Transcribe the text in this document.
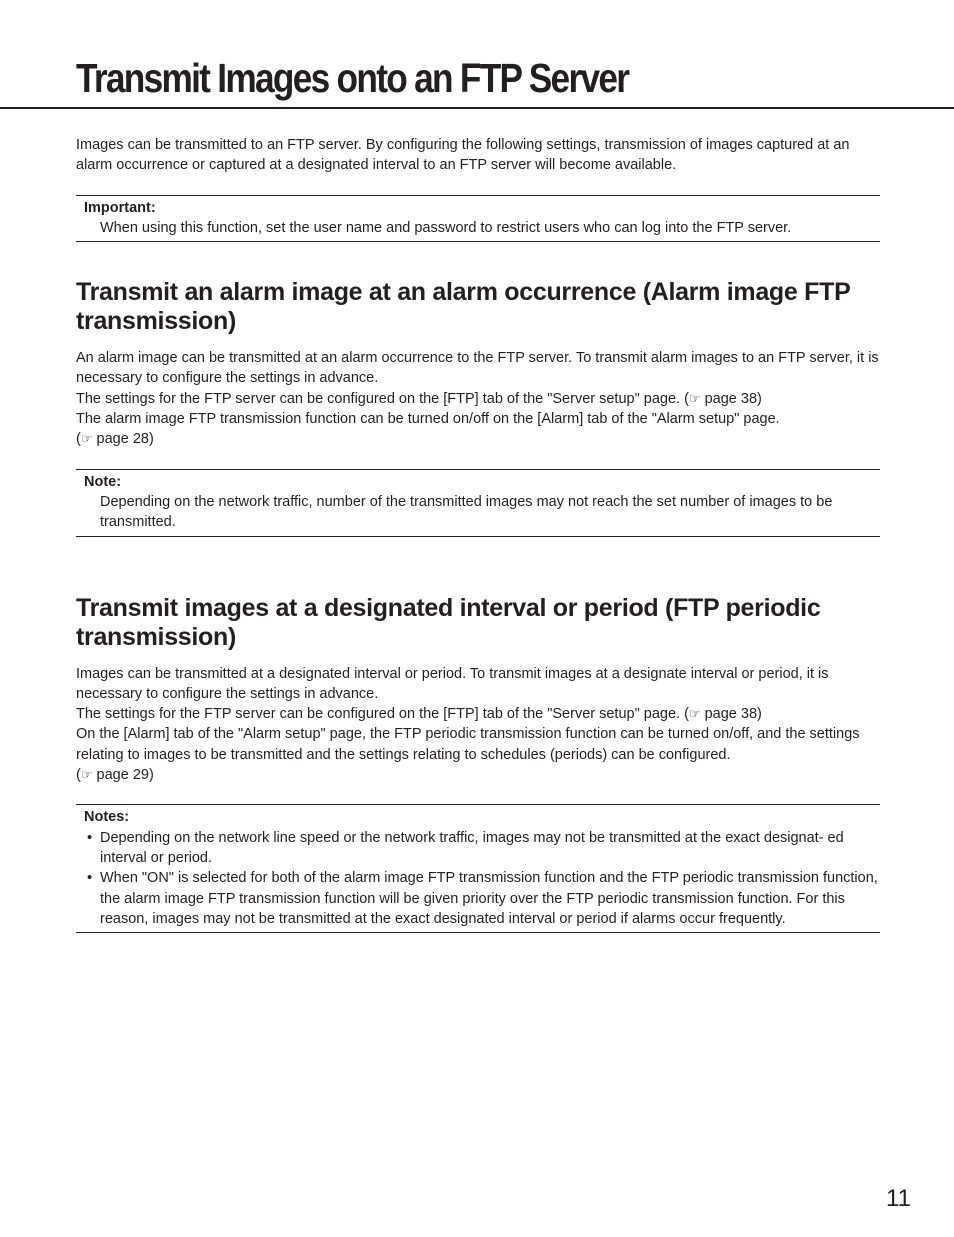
Transmit Images onto an FTP Server

Images can be transmitted to an FTP server. By configuring the following settings, transmission of images captured at an alarm occurrence or captured at a designated interval to an FTP server will become available.

Important:
When using this function, set the user name and password to restrict users who can log into the FTP server.
Transmit an alarm image at an alarm occurrence (Alarm image FTP transmission)

An alarm image can be transmitted at an alarm occurrence to the FTP server. To transmit alarm images to an FTP server, it is necessary to configure the settings in advance.

The settings for the FTP server can be configured on the [FTP] tab of the "Server setup" page. (☞ page 38)

The alarm image FTP transmission function can be turned on/off on the [Alarm] tab of the "Alarm setup" page.

(☞ page 28)

Note:
Depending on the network traffic, number of the transmitted images may not reach the set number of images to be transmitted.
Transmit images at a designated interval or period (FTP periodic transmission)

Images can be transmitted at a designated interval or period. To transmit images at a designate interval or period, it is necessary to configure the settings in advance.

The settings for the FTP server can be configured on the [FTP] tab of the "Server setup" page. (☞ page 38)

On the [Alarm] tab of the "Alarm setup" page, the FTP periodic transmission function can be turned on/off, and the settings relating to images to be transmitted and the settings relating to schedules (periods) can be configured.

(☞ page 29)

Notes:
• Depending on the network line speed or the network traffic, images may not be transmitted at the exact designat- ed interval or period.
• When "ON" is selected for both of the alarm image FTP transmission function and the FTP periodic transmission function, the alarm image FTP transmission function will be given priority over the FTP periodic transmission function. For this reason, images may not be transmitted at the exact designated interval or period if alarms occur frequently.
11
